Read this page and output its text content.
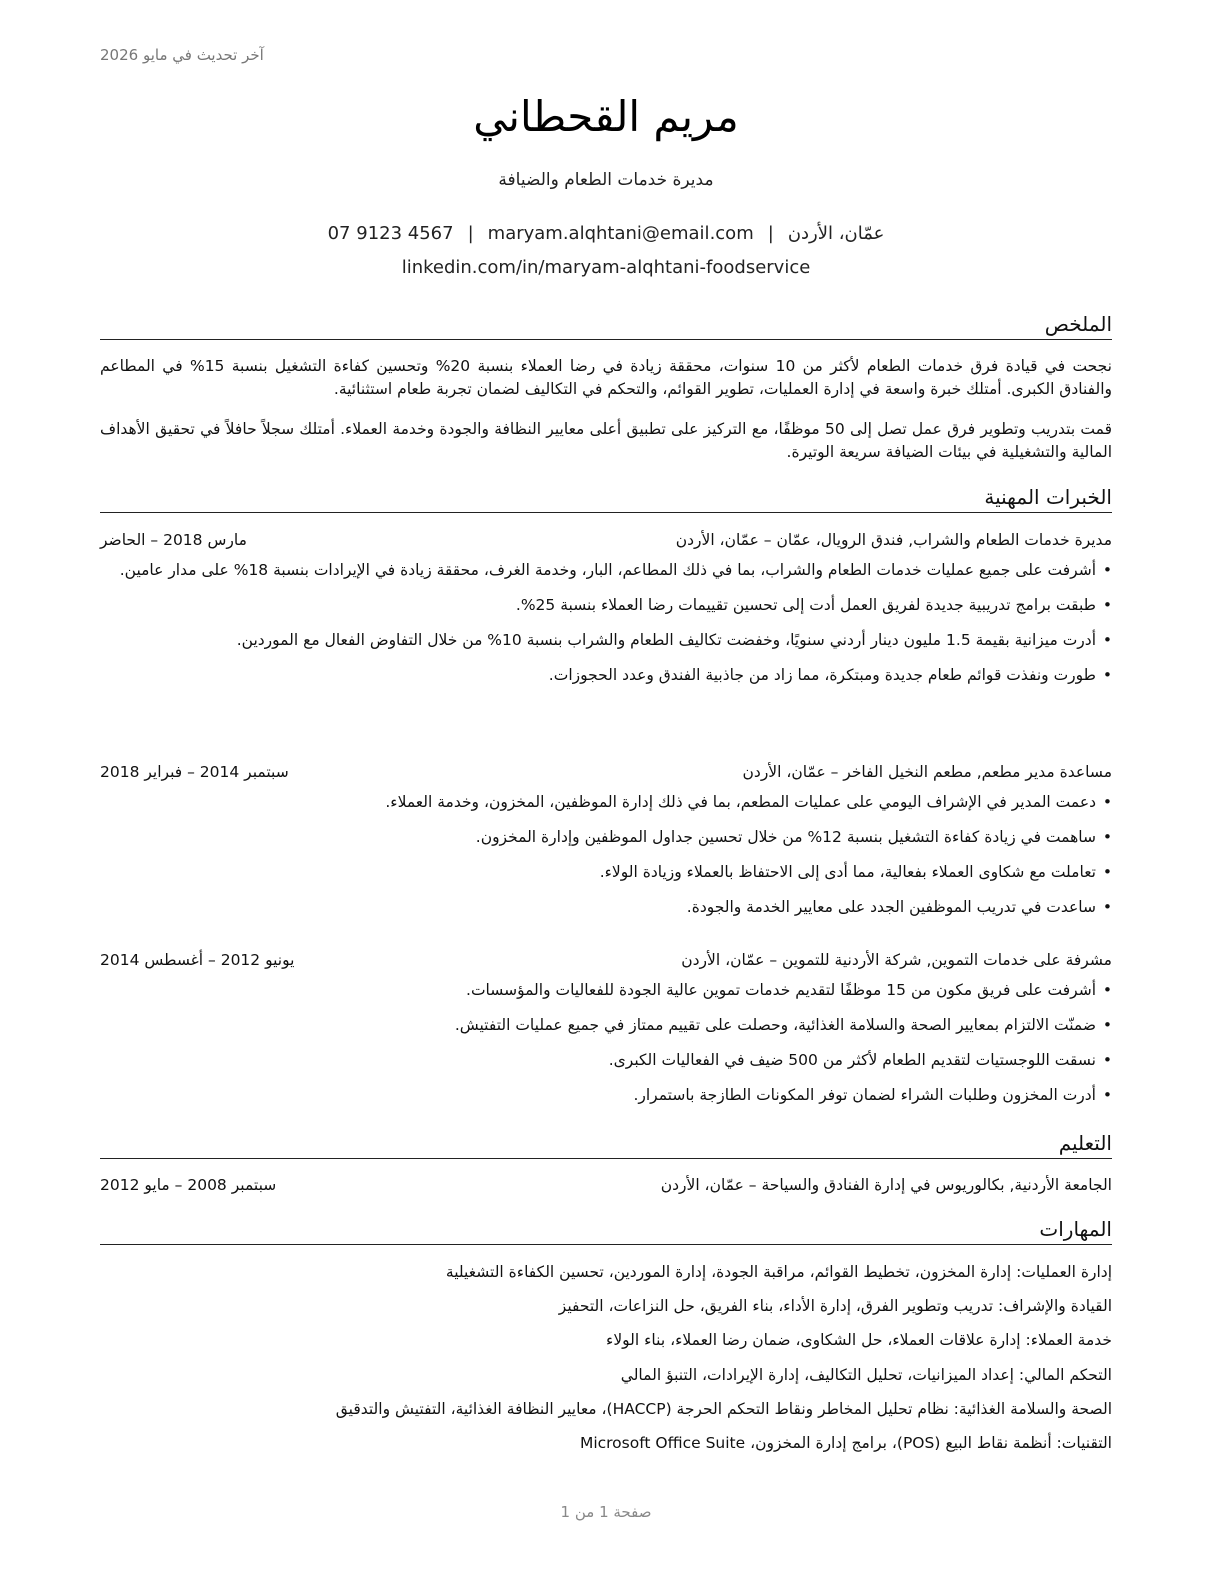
آخر تحديث في مايو 2026
مريم القحطاني
مديرة خدمات الطعام والضيافة
عمّان، الأردن|maryam.alqhtani@email.com|07 9123 4567
linkedin.com/in/maryam-alqhtani-foodservice
الملخص

نجحت في قيادة فرق خدمات الطعام لأكثر من 10 سنوات، محققة زيادة في رضا العملاء بنسبة 20% وتحسين كفاءة التشغيل بنسبة 15% في المطاعم والفنادق الكبرى. أمتلك خبرة واسعة في إدارة العمليات، تطوير القوائم، والتحكم في التكاليف لضمان تجربة طعام استثنائية.

قمت بتدريب وتطوير فرق عمل تصل إلى 50 موظفًا، مع التركيز على تطبيق أعلى معايير النظافة والجودة وخدمة العملاء. أمتلك سجلاً حافلاً في تحقيق الأهداف المالية والتشغيلية في بيئات الضيافة سريعة الوتيرة.

الخبرات المهنية
مديرة خدمات الطعام والشراب, فندق الرويال، عمّان – عمّان، الأردن
مارس 2018 – الحاضر
• أشرفت على جميع عمليات خدمات الطعام والشراب، بما في ذلك المطاعم، البار، وخدمة الغرف، محققة زيادة في الإيرادات بنسبة 18% على مدار عامين.
• طبقت برامج تدريبية جديدة لفريق العمل أدت إلى تحسين تقييمات رضا العملاء بنسبة 25%.
• أدرت ميزانية بقيمة 1.5 مليون دينار أردني سنويًا، وخفضت تكاليف الطعام والشراب بنسبة 10% من خلال التفاوض الفعال مع الموردين.
• طورت ونفذت قوائم طعام جديدة ومبتكرة، مما زاد من جاذبية الفندق وعدد الحجوزات.
مساعدة مدير مطعم, مطعم النخيل الفاخر – عمّان، الأردن
سبتمبر 2014 – فبراير 2018
• دعمت المدير في الإشراف اليومي على عمليات المطعم، بما في ذلك إدارة الموظفين، المخزون، وخدمة العملاء.
• ساهمت في زيادة كفاءة التشغيل بنسبة 12% من خلال تحسين جداول الموظفين وإدارة المخزون.
• تعاملت مع شكاوى العملاء بفعالية، مما أدى إلى الاحتفاظ بالعملاء وزيادة الولاء.
• ساعدت في تدريب الموظفين الجدد على معايير الخدمة والجودة.
مشرفة على خدمات التموين, شركة الأردنية للتموين – عمّان، الأردن
يونيو 2012 – أغسطس 2014
• أشرفت على فريق مكون من 15 موظفًا لتقديم خدمات تموين عالية الجودة للفعاليات والمؤسسات.
• ضمنّت الالتزام بمعايير الصحة والسلامة الغذائية، وحصلت على تقييم ممتاز في جميع عمليات التفتيش.
• نسقت اللوجستيات لتقديم الطعام لأكثر من 500 ضيف في الفعاليات الكبرى.
• أدرت المخزون وطلبات الشراء لضمان توفر المكونات الطازجة باستمرار.
التعليم
الجامعة الأردنية, بكالوريوس في إدارة الفنادق والسياحة – عمّان، الأردن
سبتمبر 2008 – مايو 2012
المهارات
إدارة العمليات: إدارة المخزون، تخطيط القوائم، مراقبة الجودة، إدارة الموردين، تحسين الكفاءة التشغيلية
القيادة والإشراف: تدريب وتطوير الفرق، إدارة الأداء، بناء الفريق، حل النزاعات، التحفيز
خدمة العملاء: إدارة علاقات العملاء، حل الشكاوى، ضمان رضا العملاء، بناء الولاء
التحكم المالي: إعداد الميزانيات، تحليل التكاليف، إدارة الإيرادات، التنبؤ المالي
الصحة والسلامة الغذائية: نظام تحليل المخاطر ونقاط التحكم الحرجة (HACCP)، معايير النظافة الغذائية، التفتيش والتدقيق
التقنيات: أنظمة نقاط البيع (POS)، برامج إدارة المخزون، Microsoft Office Suite
صفحة 1 من 1
